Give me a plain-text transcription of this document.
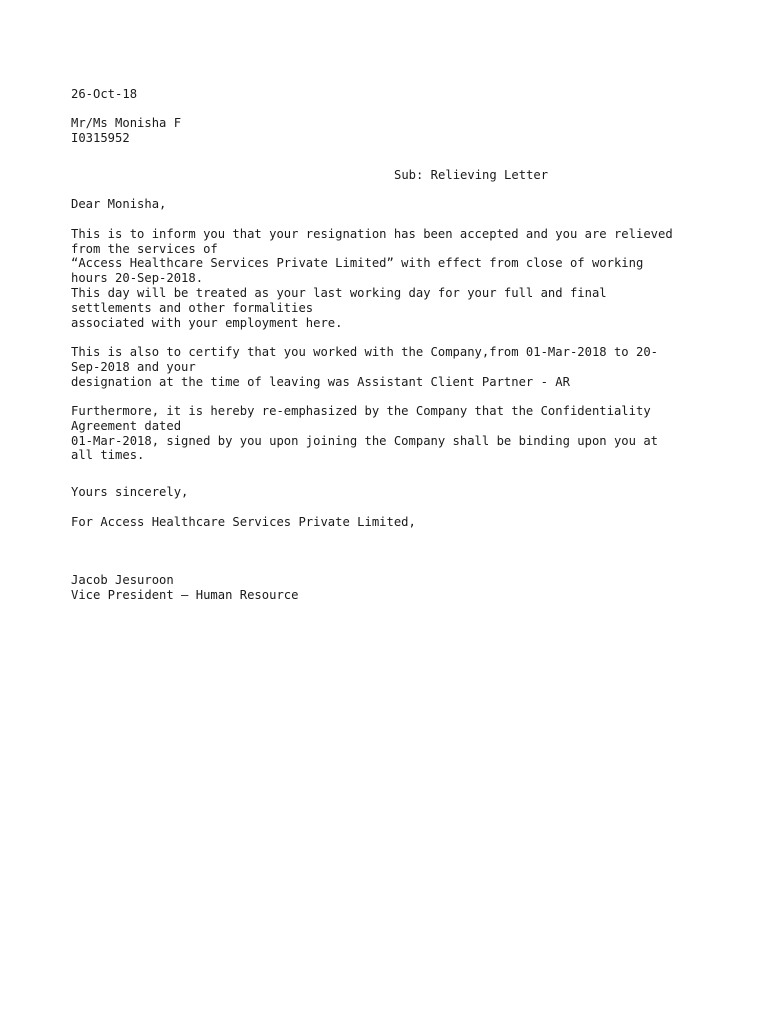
26-Oct-18
Mr/Ms Monisha F
I0315952
Sub: Relieving Letter
Dear Monisha,
This is to inform you that your resignation has been accepted and you are relieved
from the services of
“Access Healthcare Services Private Limited” with effect from close of working
hours 20-Sep-2018.
This day will be treated as your last working day for your full and final
settlements and other formalities
associated with your employment here.
This is also to certify that you worked with the Company,from 01-Mar-2018 to 20-
Sep-2018 and your
designation at the time of leaving was Assistant Client Partner - AR
Furthermore, it is hereby re-emphasized by the Company that the Confidentiality
Agreement dated
01-Mar-2018, signed by you upon joining the Company shall be binding upon you at
all times.
Yours sincerely,
For Access Healthcare Services Private Limited,
Jacob Jesuroon
Vice President – Human Resource
